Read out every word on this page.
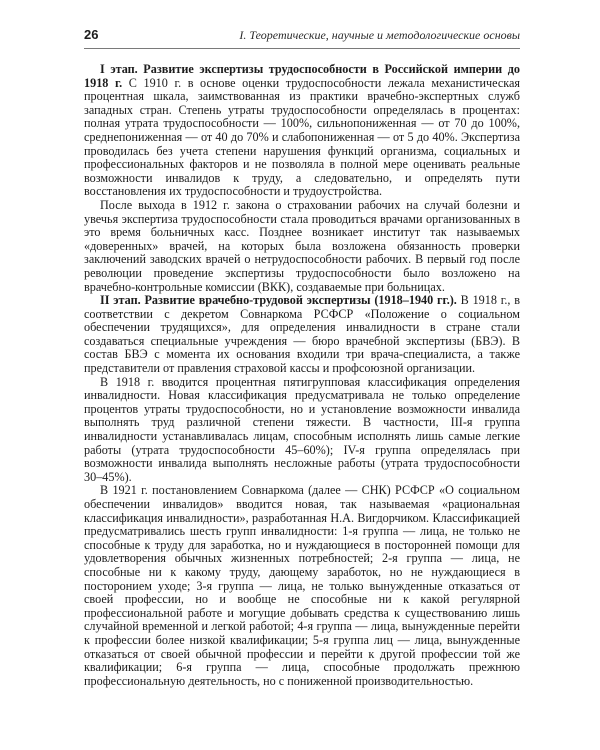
26	I. Теоретические, научные и методологические основы

I этап. Развитие экспертизы трудоспособности в Российской империи до 1918 г. С 1910 г. в основе оценки трудоспособности лежала механистическая процентная шкала, заимствованная из практики врачебно-экспертных служб западных стран. Степень утраты трудоспособности определялась в процентах: полная утрата трудоспособности — 100%, сильнопониженная — от 70 до 100%, среднепониженная — от 40 до 70% и слабопониженная — от 5 до 40%. Экспертиза проводилась без учета степени нарушения функций организма, социальных и профессиональных факторов и не позволяла в полной мере оценивать реальные возможности инвалидов к труду, а следовательно, и определять пути восстановления их трудоспособности и трудоустройства.

После выхода в 1912 г. закона о страховании рабочих на случай болезни и увечья экспертиза трудоспособности стала проводиться врачами организованных в это время больничных касс. Позднее возникает институт так называемых «доверенных» врачей, на которых была возложена обязанность проверки заключений заводских врачей о нетрудоспособности рабочих. В первый год после революции проведение экспертизы трудоспособности было возложено на врачебно-контрольные комиссии (ВКК), создаваемые при больницах.

II этап. Развитие врачебно-трудовой экспертизы (1918–1940 гг.). В 1918 г., в соответствии с декретом Совнаркома РСФСР «Положение о социальном обеспечении трудящихся», для определения инвалидности в стране стали создаваться специальные учреждения — бюро врачебной экспертизы (БВЭ). В состав БВЭ с момента их основания входили три врача-специалиста, а также представители от правления страховой кассы и профсоюзной организации.

В 1918 г. вводится процентная пятигрупповая классификация определения инвалидности. Новая классификация предусматривала не только определение процентов утраты трудоспособности, но и установление возможности инвалида выполнять труд различной степени тяжести. В частности, III-я группа инвалидности устанавливалась лицам, способным исполнять лишь самые легкие работы (утрата трудоспособности 45–60%); IV-я группа определялась при возможности инвалида выполнять несложные работы (утрата трудоспособности 30–45%).

В 1921 г. постановлением Совнаркома (далее — СНК) РСФСР «О социальном обеспечении инвалидов» вводится новая, так называемая «рациональная классификация инвалидности», разработанная Н.А. Вигдорчиком. Классификацией предусматривались шесть групп инвалидности: 1-я группа — лица, не только не способные к труду для заработка, но и нуждающиеся в посторонней помощи для удовлетворения обычных жизненных потребностей; 2-я группа — лица, не способные ни к какому труду, дающему заработок, но не нуждающиеся в посторонием уходе; 3-я группа — лица, не только вынужденные отказаться от своей профессии, но и вообще не способные ни к какой регулярной профессиональной работе и могущие добывать средства к существованию лишь случайной временной и легкой работой; 4-я группа — лица, вынужденные перейти к профессии более низкой квалификации; 5-я группа лиц — лица, вынужденные отказаться от своей обычной профессии и перейти к другой профессии той же квалификации; 6-я группа — лица, способные продолжать прежнюю профессиональную деятельность, но с пониженной производительностью.
